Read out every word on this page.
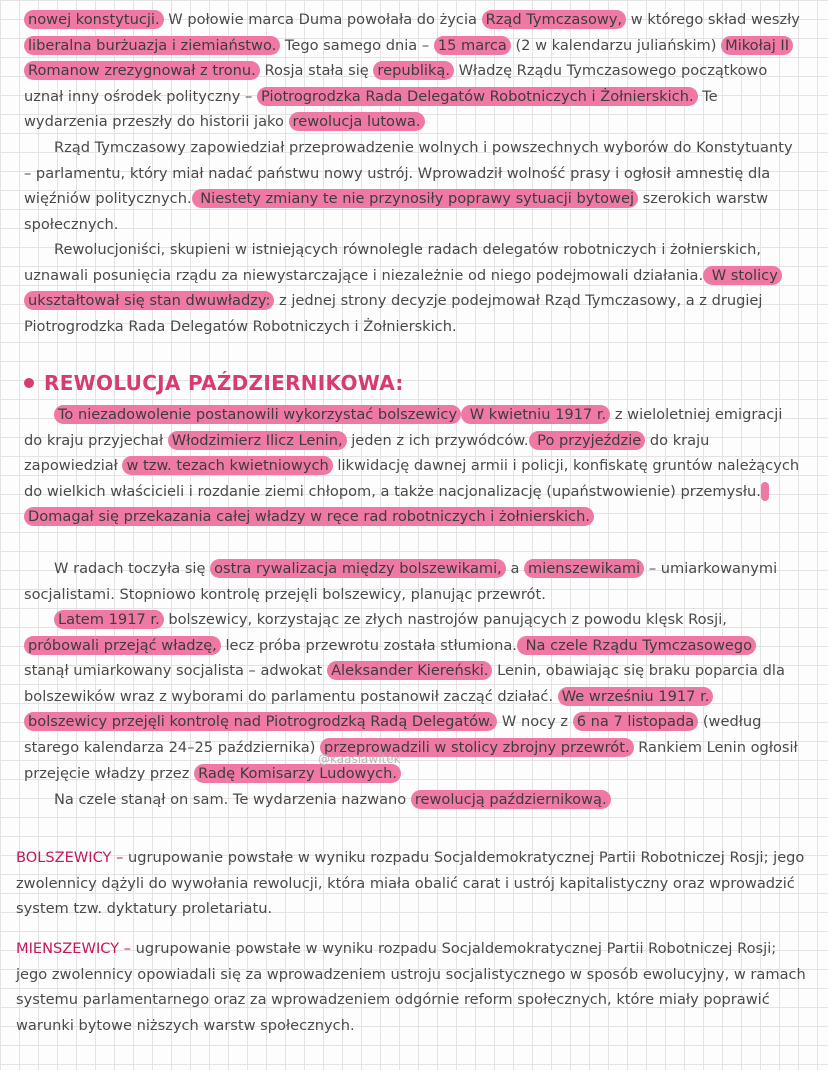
nowej konstytucji. W połowie marca Duma powołała do życia Rząd Tymczasowy, w którego skład weszły liberalna burżuazja i ziemiaństwo. Tego samego dnia – 15 marca (2 w kalendarzu juliańskim) Mikołaj II Romanow zrezygnował z tronu. Rosja stała się republiką. Władzę Rządu Tymczasowego początkowo uznał inny ośrodek polityczny – Piotrogrodzka Rada Delegatów Robotniczych i Żołnierskich. Te wydarzenia przeszły do historii jako rewolucja lutowa.

Rząd Tymczasowy zapowiedział przeprowadzenie wolnych i powszechnych wyborów do Konstytuanty – parlamentu, który miał nadać państwu nowy ustrój. Wprowadził wolność prasy i ogłosił amnestię dla więźniów politycznych. Niestety zmiany te nie przynosiły poprawy sytuacji bytowej szerokich warstw społecznych.

Rewolucjoniści, skupieni w istniejących równolegle radach delegatów robotniczych i żołnierskich, uznawali posunięcia rządu za niewystarczające i niezależnie od niego podejmowali działania. W stolicy ukształtował się stan dwuwładzy: z jednej strony decyzje podejmował Rząd Tymczasowy, a z drugiej Piotrogrodzka Rada Delegatów Robotniczych i Żołnierskich.

REWOLUCJA PAŹDZIERNIKOWA:

To niezadowolenie postanowili wykorzystać bolszewicy W kwietniu 1917 r. z wieloletniej emigracji do kraju przyjechał Włodzimierz Ilicz Lenin, jeden z ich przywódców. Po przyjeździe do kraju zapowiedział w tzw. tezach kwietniowych likwidację dawnej armii i policji, konfiskatę gruntów należących do wielkich właścicieli i rozdanie ziemi chłopom, a także nacjonalizację (upaństwowienie) przemysłu. Domagał się przekazania całej władzy w ręce rad robotniczych i żołnierskich.

W radach toczyła się ostra rywalizacja między bolszewikami, a mienszewikami – umiarkowanymi socjalistami. Stopniowo kontrolę przejęli bolszewicy, planując przewrót.

Latem 1917 r. bolszewicy, korzystając ze złych nastrojów panujących z powodu klęsk Rosji, próbowali przejąć władzę, lecz próba przewrotu została stłumiona. Na czele Rządu Tymczasowego stanął umiarkowany socjalista – adwokat Aleksander Kiereński. Lenin, obawiając się braku poparcia dla bolszewików wraz z wyborami do parlamentu postanowił zacząć działać. We wrześniu 1917 r. bolszewicy przejęli kontrolę nad Piotrogrodzką Radą Delegatów. W nocy z 6 na 7 listopada (według starego kalendarza 24–25 października) przeprowadzili w stolicy zbrojny przewrót. Rankiem Lenin ogłosił przejęcie władzy przez Radę Komisarzy Ludowych.

Na czele stanął on sam. Te wydarzenia nazwano rewolucją październikową.

@kaasiawitek

BOLSZEWICY – ugrupowanie powstałe w wyniku rozpadu Socjaldemokratycznej Partii Robotniczej Rosji; jego zwolennicy dążyli do wywołania rewolucji, która miała obalić carat i ustrój kapitalistyczny oraz wprowadzić system tzw. dyktatury proletariatu.

MIENSZEWICY – ugrupowanie powstałe w wyniku rozpadu Socjaldemokratycznej Partii Robotniczej Rosji; jego zwolennicy opowiadali się za wprowadzeniem ustroju socjalistycznego w sposób ewolucyjny, w ramach systemu parlamentarnego oraz za wprowadzeniem odgórnie reform społecznych, które miały poprawić warunki bytowe niższych warstw społecznych.
